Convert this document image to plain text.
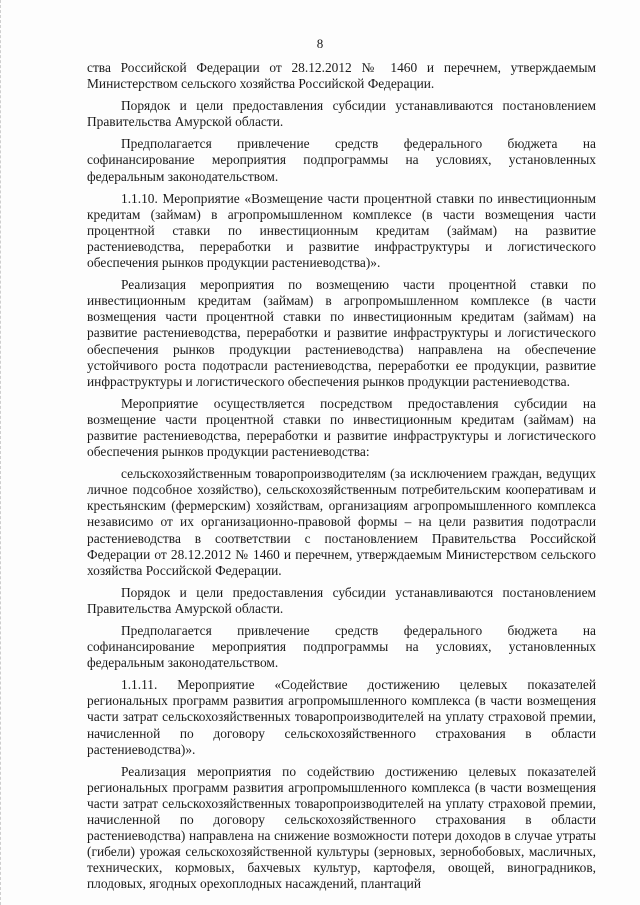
8

ства Российской Федерации от 28.12.2012 № 1460 и перечнем, утверждаемым Министерством сельского хозяйства Российской Федерации.

Порядок и цели предоставления субсидии устанавливаются постановлением Правительства Амурской области.

Предполагается привлечение средств федерального бюджета на софинансирование мероприятия подпрограммы на условиях, установленных федеральным законодательством.

1.1.10. Мероприятие «Возмещение части процентной ставки по инвестиционным кредитам (займам) в агропромышленном комплексе (в части возмещения части процентной ставки по инвестиционным кредитам (займам) на развитие растениеводства, переработки и развитие инфраструктуры и логистического обеспечения рынков продукции растениеводства)».

Реализация мероприятия по возмещению части процентной ставки по инвестиционным кредитам (займам) в агропромышленном комплексе (в части возмещения части процентной ставки по инвестиционным кредитам (займам) на развитие растениеводства, переработки и развитие инфраструктуры и логистического обеспечения рынков продукции растениеводства) направлена на обеспечение устойчивого роста подотрасли растениеводства, переработки ее продукции, развитие инфраструктуры и логистического обеспечения рынков продукции растениеводства.

Мероприятие осуществляется посредством предоставления субсидии на возмещение части процентной ставки по инвестиционным кредитам (займам) на развитие растениеводства, переработки и развитие инфраструктуры и логистического обеспечения рынков продукции растениеводства:

сельскохозяйственным товаропроизводителям (за исключением граждан, ведущих личное подсобное хозяйство), сельскохозяйственным потребительским кооперативам и крестьянским (фермерским) хозяйствам, организациям агропромышленного комплекса независимо от их организационно-правовой формы – на цели развития подотрасли растениеводства в соответствии с постановлением Правительства Российской Федерации от 28.12.2012 № 1460 и перечнем, утверждаемым Министерством сельского хозяйства Российской Федерации.

Порядок и цели предоставления субсидии устанавливаются постановлением Правительства Амурской области.

Предполагается привлечение средств федерального бюджета на софинансирование мероприятия подпрограммы на условиях, установленных федеральным законодательством.

1.1.11. Мероприятие «Содействие достижению целевых показателей региональных программ развития агропромышленного комплекса (в части возмещения части затрат сельскохозяйственных товаропроизводителей на уплату страховой премии, начисленной по договору сельскохозяйственного страхования в области растениеводства)».

Реализация мероприятия по содействию достижению целевых показателей региональных программ развития агропромышленного комплекса (в части возмещения части затрат сельскохозяйственных товаропроизводителей на уплату страховой премии, начисленной по договору сельскохозяйственного страхования в области растениеводства) направлена на снижение возможности потери доходов в случае утраты (гибели) урожая сельскохозяйственной культуры (зерновых, зернобобовых, масличных, технических, кормовых, бахчевых культур, картофеля, овощей, виноградников, плодовых, ягодных орехоплодных насаждений, плантаций
